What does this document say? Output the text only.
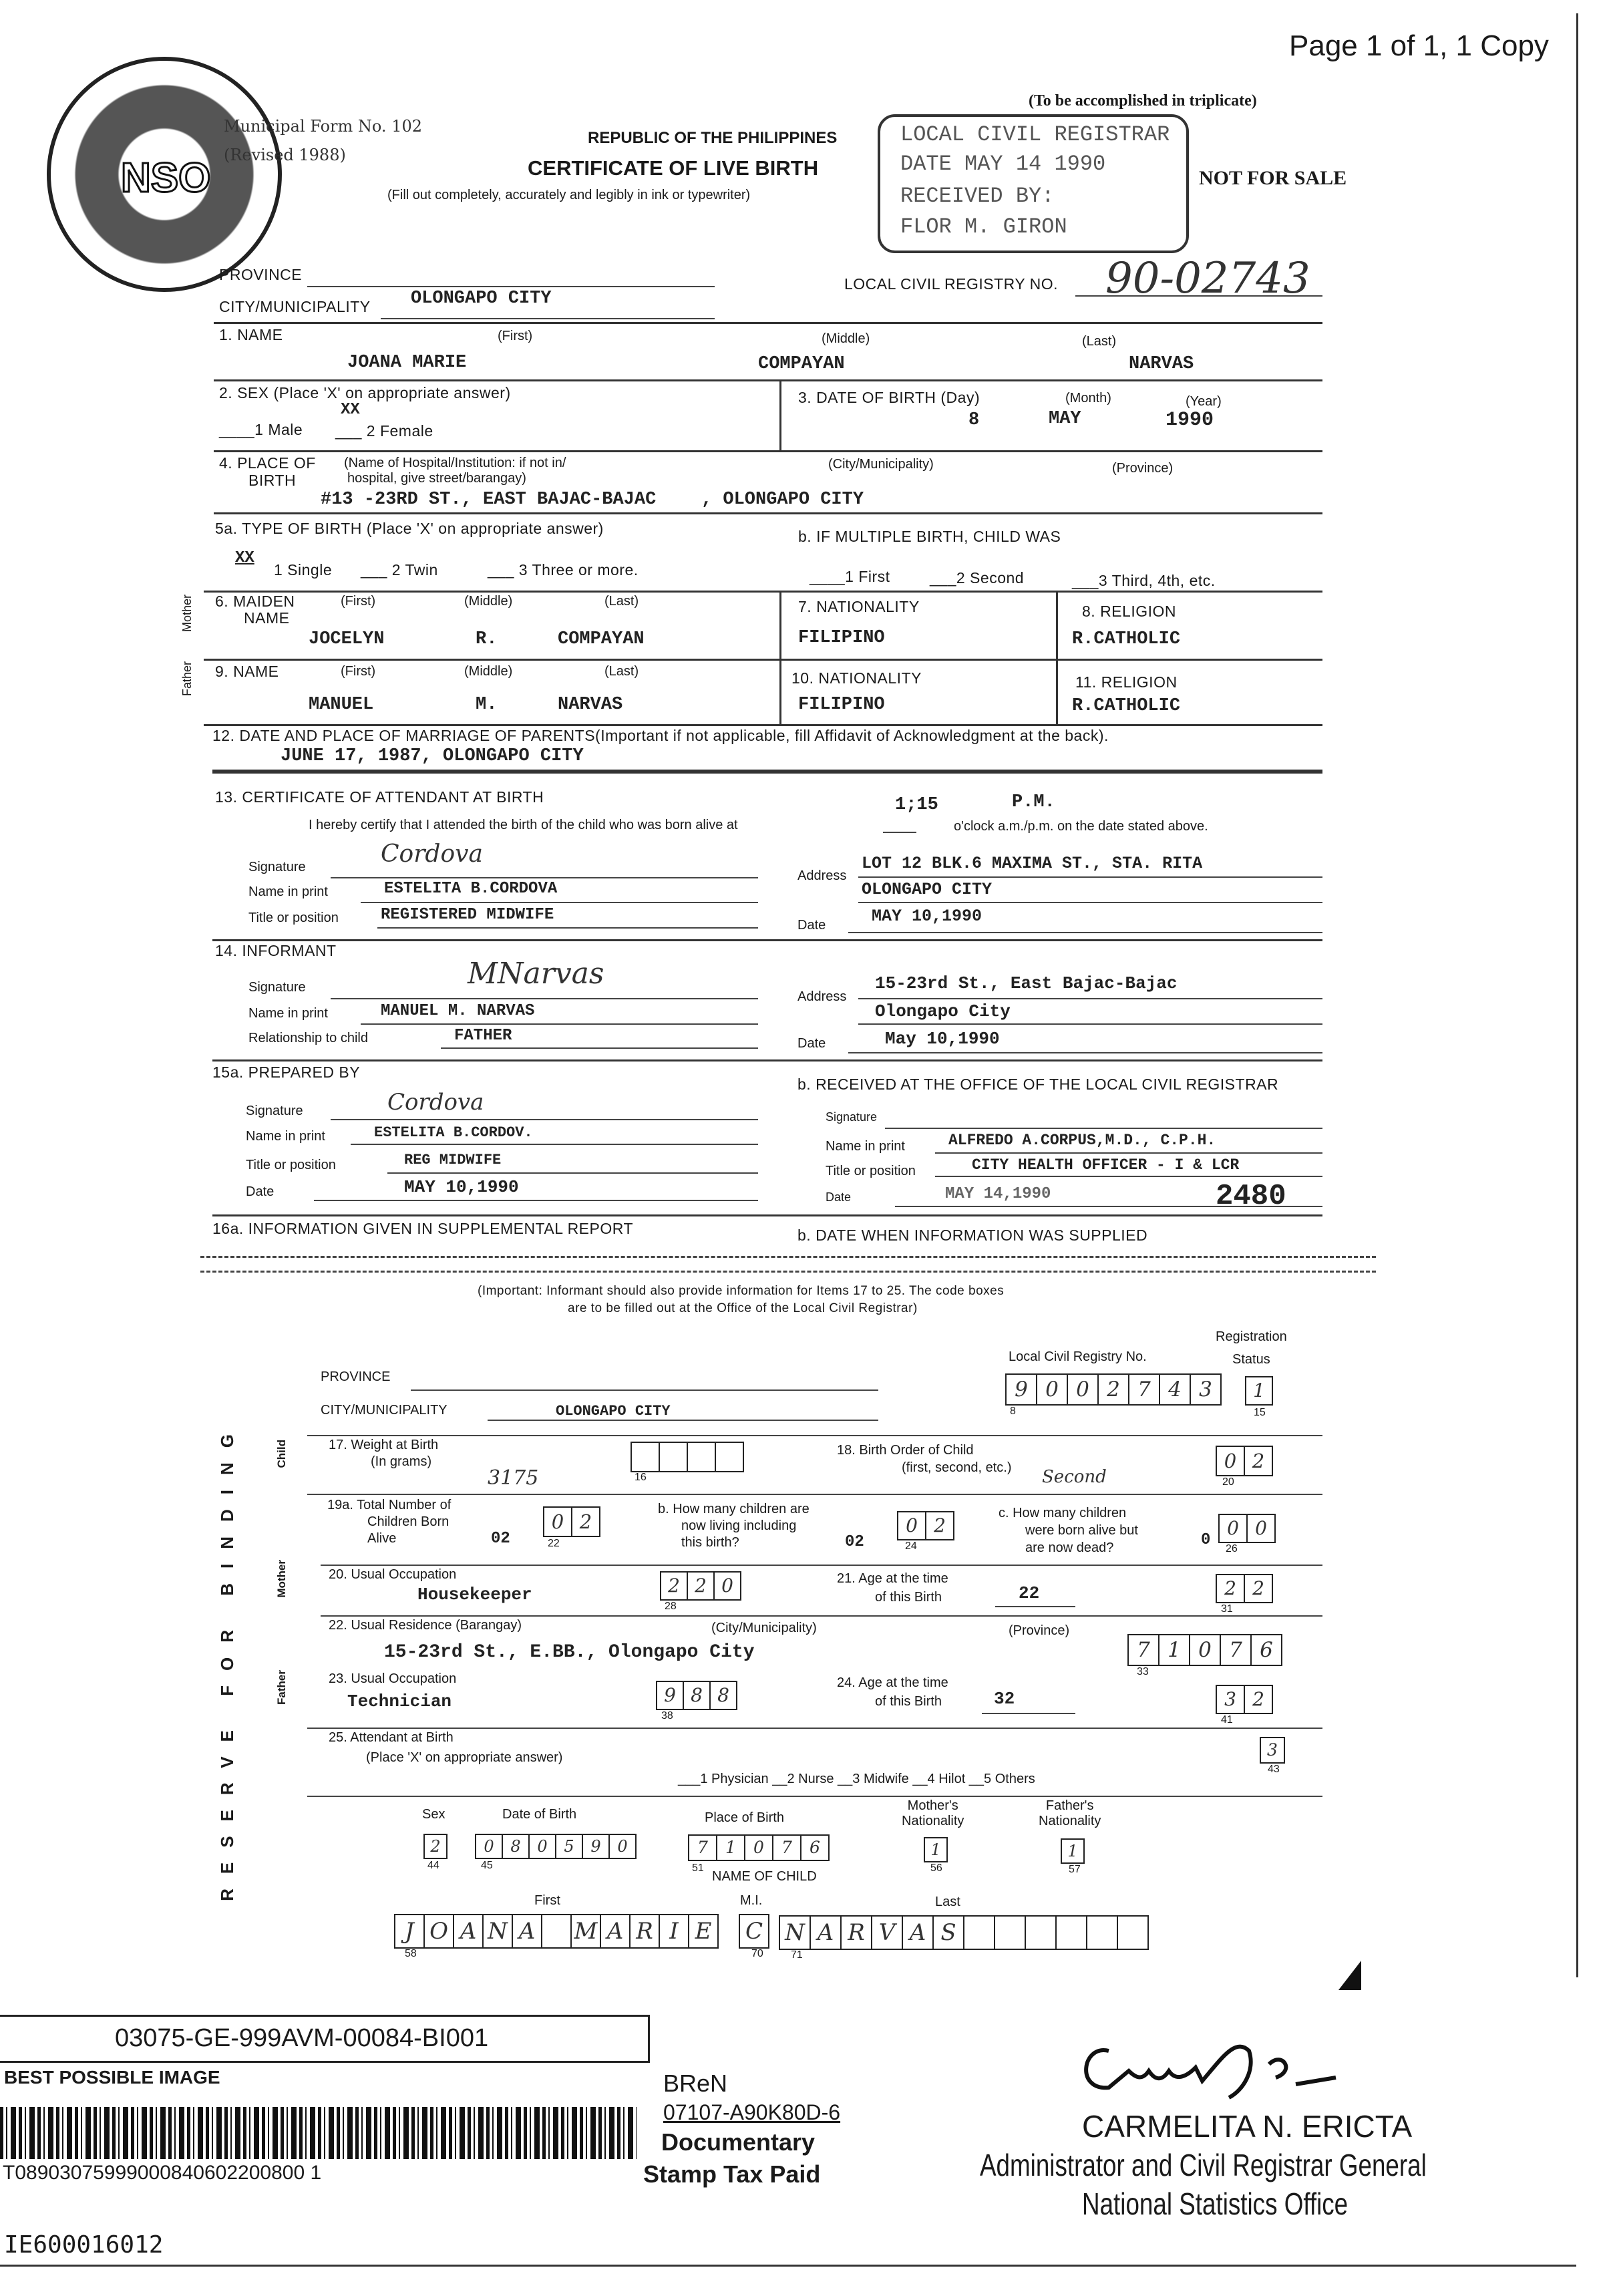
Page 1 of 1, 1 Copy
NSO
Municipal Form No. 102
(Revised 1988)
REPUBLIC OF THE PHILIPPINES
CERTIFICATE OF LIVE BIRTH
(Fill out completely, accurately and legibly in ink or typewriter)
(To be accomplished in triplicate)
NOT FOR SALE
LOCAL CIVIL REGISTRAR
DATE MAY 14 1990
RECEIVED BY:
FLOR M. GIRON
PROVINCE
CITY/MUNICIPALITY OLONGAPO CITY
LOCAL CIVIL REGISTRY NO. 90-02743
1. NAME	(First)	(Middle)	(Last)
JOANA MARIE	COMPAYAN	NARVAS
2. SEX (Place 'X' on appropriate answer)
____1 Male
XX
___ 2 Female
3. DATE OF BIRTH (Day)	(Month)	(Year)
8	MAY	1990
4. PLACE OF
BIRTH
(Name of Hospital/Institution: if not in/
hospital, give street/barangay)
(City/Municipality)	(Province)
#13 -23RD ST., EAST BAJAC-BAJAC	, OLONGAPO CITY
5a. TYPE OF BIRTH (Place 'X' on appropriate answer)
XX
1 Single ___ 2 Twin	___ 3 Three or more.
b. IF MULTIPLE BIRTH, CHILD WAS
____1 First	___2 Second	___3 Third, 4th, etc.
Mother 6. MAIDEN
NAME
(First)	(Middle)	(Last)
JOCELYN	R.	COMPAYAN
7. NATIONALITY
FILIPINO
8. RELIGION
R.CATHOLIC
Father 9. NAME	(First)	(Middle)	(Last)
MANUEL	M.	NARVAS
10. NATIONALITY
FILIPINO
11. RELIGION
R.CATHOLIC
12. DATE AND PLACE OF MARRIAGE OF PARENTS(Important if not applicable, fill Affidavit of Acknowledgment at the back).
JUNE 17, 1987, OLONGAPO CITY
13. CERTIFICATE OF ATTENDANT AT BIRTH
I hereby certify that I attended the birth of the child who was born alive at
1;15	P.M.
o'clock a.m./p.m. on the date stated above.
Signature	Cordova
Name in print	ESTELITA B.CORDOVA
Title or position	REGISTERED MIDWIFE
Address
LOT 12 BLK.6 MAXIMA ST., STA. RITA
OLONGAPO CITY
Date	MAY 10,1990
14. INFORMANT
Signature	MNarvas
Name in print	MANUEL M. NARVAS
Relationship to child	FATHER
Address
15-23rd St., East Bajac-Bajac
Olongapo City
Date	May 10,1990
15a. PREPARED BY
Signature	Cordova
Name in print	ESTELITA B.CORDOV.
Title or position	REG MIDWIFE
Date	MAY 10,1990
b. RECEIVED AT THE OFFICE OF THE LOCAL CIVIL REGISTRAR
Signature
Name in print	ALFREDO A.CORPUS,M.D., C.P.H.
Title or position	CITY HEALTH OFFICER - I & LCR
Date	MAY 14,1990	2480
16a. INFORMATION GIVEN IN SUPPLEMENTAL REPORT	b. DATE WHEN INFORMATION WAS SUPPLIED
(Important: Informant should also provide information for Items 17 to 25. The code boxes
are to be filled out at the Office of the Local Civil Registrar)
RESERVE FOR BINDING
Registration
Status
Local Civil Registry No.
9 0 0 2 7 4 3
8
1
15
PROVINCE
CITY/MUNICIPALITY	OLONGAPO CITY
Child
Mother
Father
17. Weight at Birth
(In grams)
3175

	16
18. Birth Order of Child
(first, second, etc.) Second
0 2
20
19a. Total Number of
Children Born
Alive	02
0 2
22
b. How many children are
now living including
this birth?	02
0 2
24
c. How many children
were born alive but
are now dead?	0
0 0
26
20. Usual Occupation
Housekeeper	2 2 0
28
21. Age at the time
of this Birth	22	2 2
31
22. Usual Residence (Barangay)	(City/Municipality)	(Province)
15-23rd St., E.BB., Olongapo City	7 1 0 7 6
33
23. Usual Occupation
Technician	9 8 8
38
24. Age at the time
of this Birth	32	3 2
41
25. Attendant at Birth
(Place 'X' on appropriate answer)
___1 Physician __2 Nurse __3 Midwife __4 Hilot __5 Others
3
43
Sex
2
44
Date of Birth
0	8	0	5	9	0
45
Place of Birth
7	1	0	7	6
51
NAME OF CHILD
Mother's
Nationality
1
56
Father's
Nationality
1
57
First	M.I.	Last
J O A N A
	M A R I E	C N A R V A S

58	70	71
03075-GE-999AVM-00084-BI001
BEST POSSIBLE IMAGE
T08903075999000840602200800 1
BReN
07107-A90K80D-6
Documentary
Stamp Tax Paid
CARMELITA N. ERICTA
Administrator and Civil Registrar General
National Statistics Office
IE600016012
